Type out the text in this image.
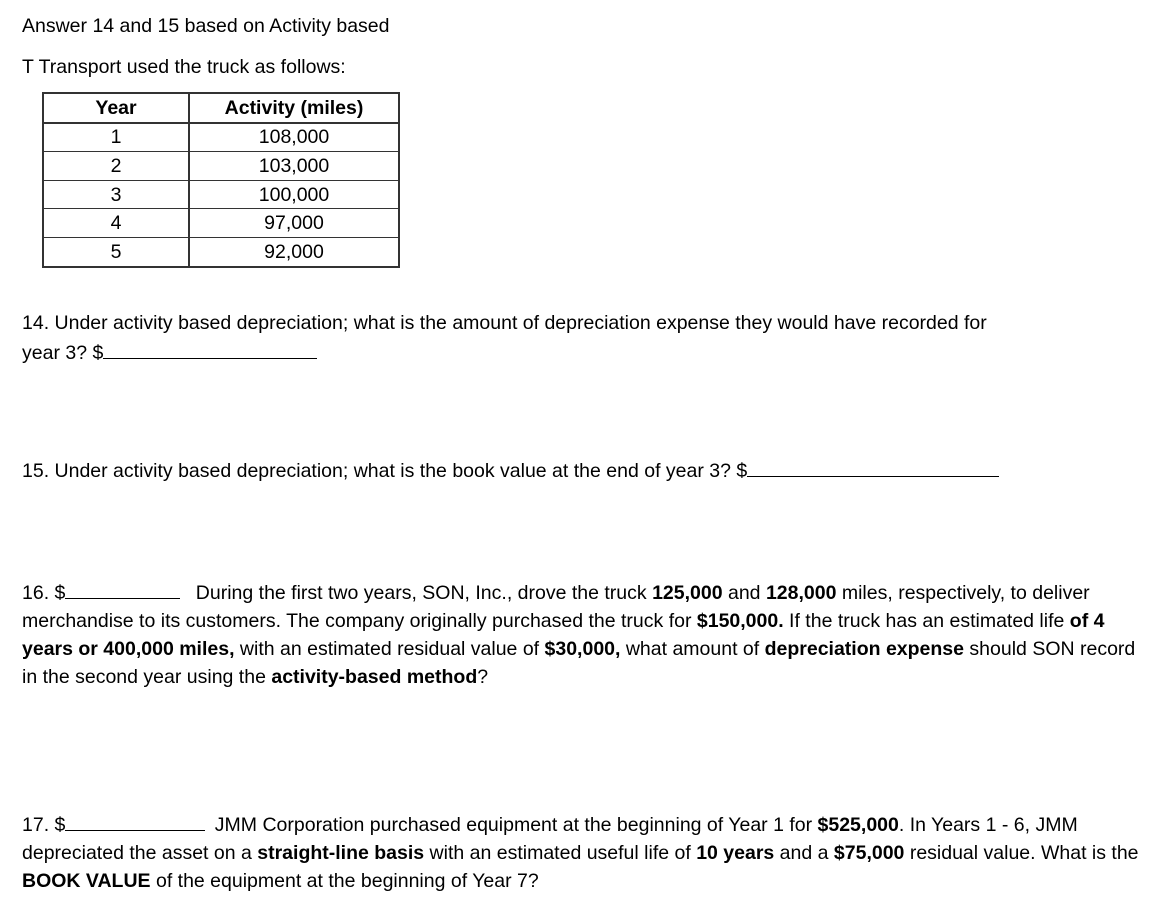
Answer 14 and 15 based on Activity based
T Transport used the truck as follows:
Year	Activity (miles)
1	108,000
2	103,000
3	100,000
4	97,000
5	92,000
14. Under activity based depreciation; what is the amount of depreciation expense they would have recorded for
year 3? $
15. Under activity based depreciation; what is the book value at the end of year 3? $
16. $	During the first two years, SON, Inc., drove the truck 125,000 and 128,000 miles, respectively, to deliver merchandise to its customers. The company originally purchased the truck for $150,000. If the truck has an estimated life of 4 years or 400,000 miles, with an estimated residual value of $30,000, what amount of depreciation expense should SON record in the second year using the activity-based method?
17. $	JMM Corporation purchased equipment at the beginning of Year 1 for $525,000. In Years 1 - 6, JMM depreciated the asset on a straight-line basis with an estimated useful life of 10 years and a $75,000 residual value. What is the BOOK VALUE of the equipment at the beginning of Year 7?
